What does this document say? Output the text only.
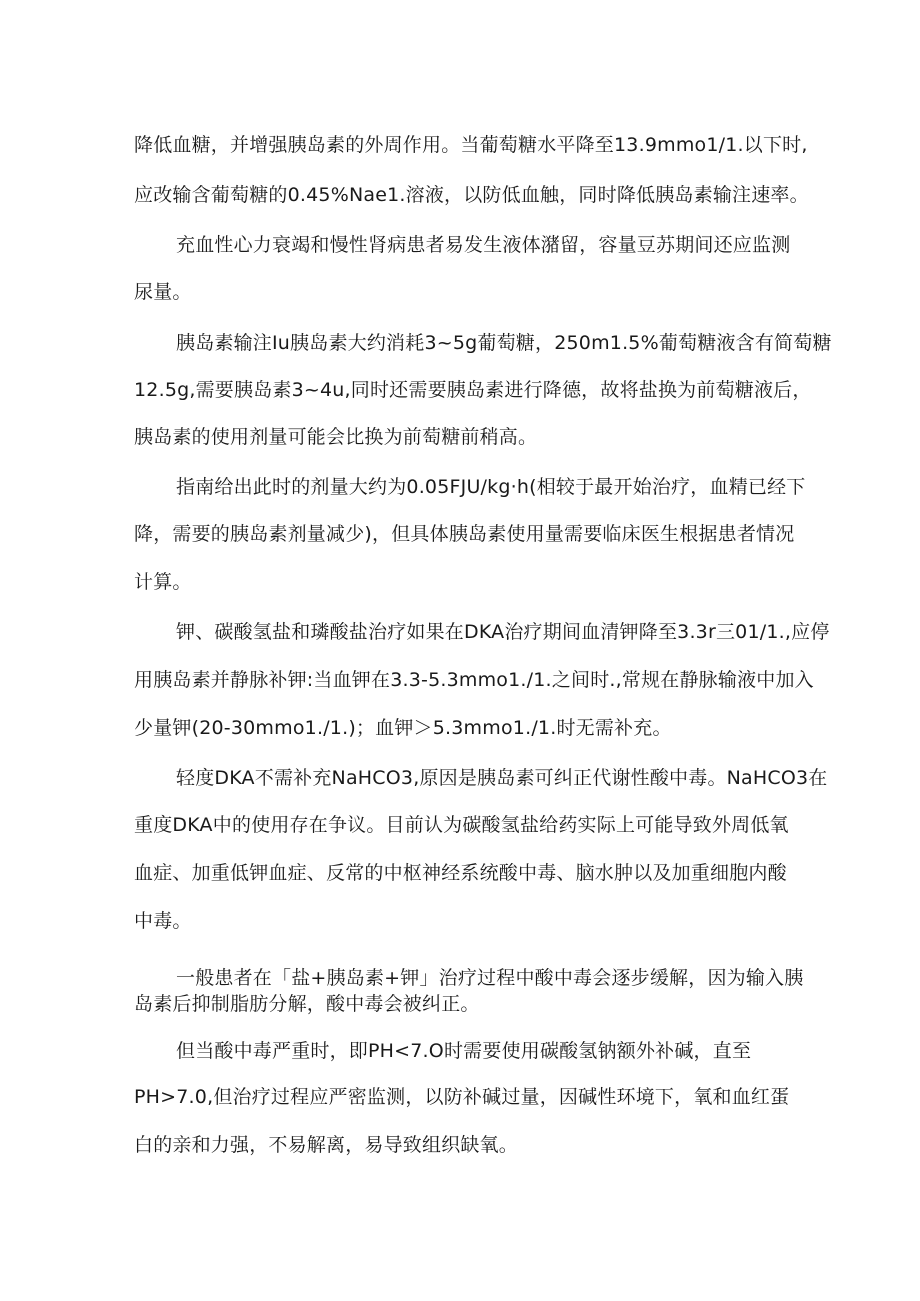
降低血糖，并增强胰岛素的外周作用。当葡萄糖水平降至13.9mmo1/1.以下时,

应改输含葡萄糖的0.45%Nae1.溶液，以防低血触，同时降低胰岛素输注速率。

充血性心力衰竭和慢性肾病患者易发生液体潴留，容量豆苏期间还应监测

尿量。

胰岛素输注Iu胰岛素大约消耗3~5g葡萄糖，250m1.5%葡萄糖液含有简萄糖

12.5g,需要胰岛素3~4u,同时还需要胰岛素进行降德，故将盐换为前萄糖液后，

胰岛素的使用剂量可能会比换为前萄糖前稍高。

指南给出此时的剂量大约为0.05FJU/kg·h(相较于最开始治疗，血精已经下

降，需要的胰岛素剂量减少)，但具体胰岛素使用量需要临床医生根据患者情况

计算。

钾、碳酸氢盐和璘酸盐治疗如果在DKA治疗期间血清钾降至3.3r三01/1.,应停

用胰岛素并静脉补钾:当血钾在3.3-5.3mmo1./1.之间时.,常规在静脉输液中加入

少量钾(20-30mmo1./1.)；血钾＞5.3mmo1./1.时无需补充。

轻度DKA不需补充NaHCO3,原因是胰岛素可纠正代谢性酸中毒。NaHCO3在

重度DKA中的使用存在争议。目前认为碳酸氢盐给药实际上可能导致外周低氧

血症、加重低钾血症、反常的中枢神经系统酸中毒、脑水肿以及加重细胞内酸

中毒。

一般患者在「盐+胰岛素+钾」治疗过程中酸中毒会逐步缓解，因为输入胰

岛素后抑制脂肪分解，酸中毒会被纠正。

但当酸中毒严重时，即PH<7.O时需要使用碳酸氢钠额外补碱，直至

PH>7.0,但治疗过程应严密监测，以防补碱过量，因碱性环境下，氧和血红蛋

白的亲和力强，不易解离，易导致组织缺氧。
